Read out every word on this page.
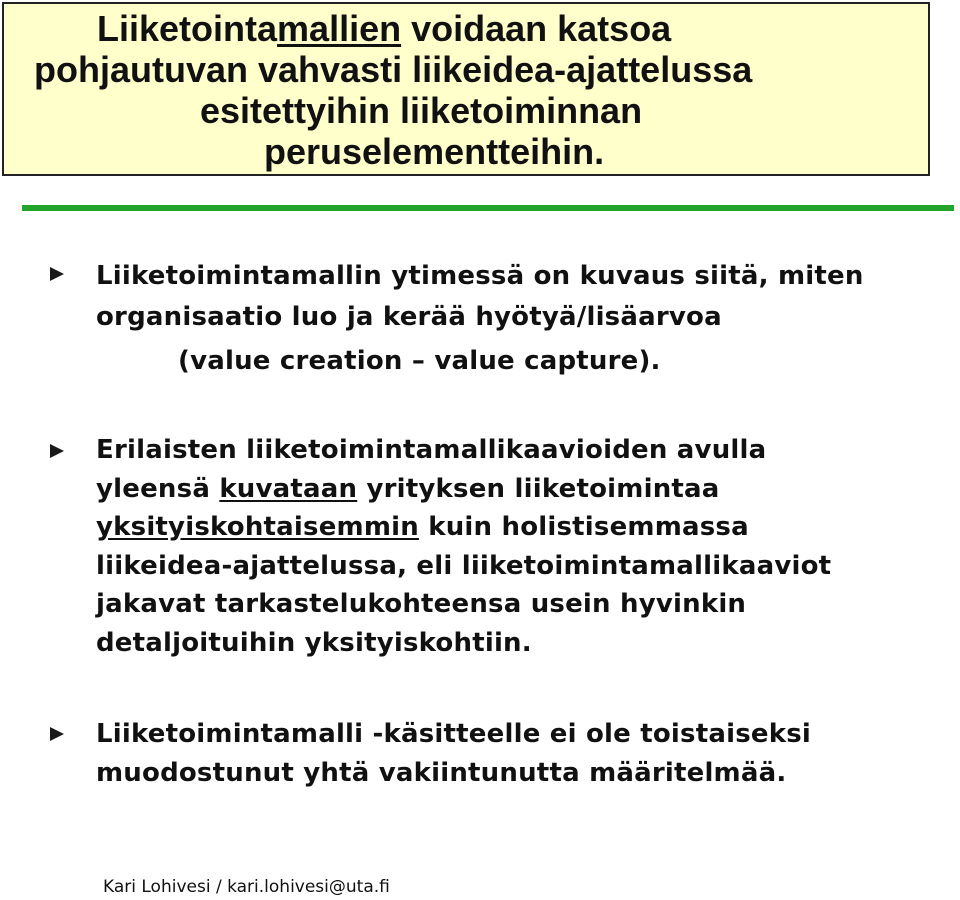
Liiketointamallien voidaan katsoa
pohjautuvan vahvasti liikeidea-ajattelussa
esitettyihin liiketoiminnan
peruselementteihin.
Liiketoimintamallin ytimessä on kuvaus siitä, miten
organisaatio luo ja kerää hyötyä/lisäarvoa
(value creation – value capture).
Erilaisten liiketoimintamallikaavioiden avulla
yleensä kuvataan yrityksen liiketoimintaa
yksityiskohtaisemmin kuin holistisemmassa
liikeidea-ajattelussa, eli liiketoimintamallikaaviot
jakavat tarkastelukohteensa usein hyvinkin
detaljoituihin yksityiskohtiin.
Liiketoimintamalli -käsitteelle ei ole toistaiseksi
muodostunut yhtä vakiintunutta määritelmää.
Kari Lohivesi / kari.lohivesi@uta.fi
